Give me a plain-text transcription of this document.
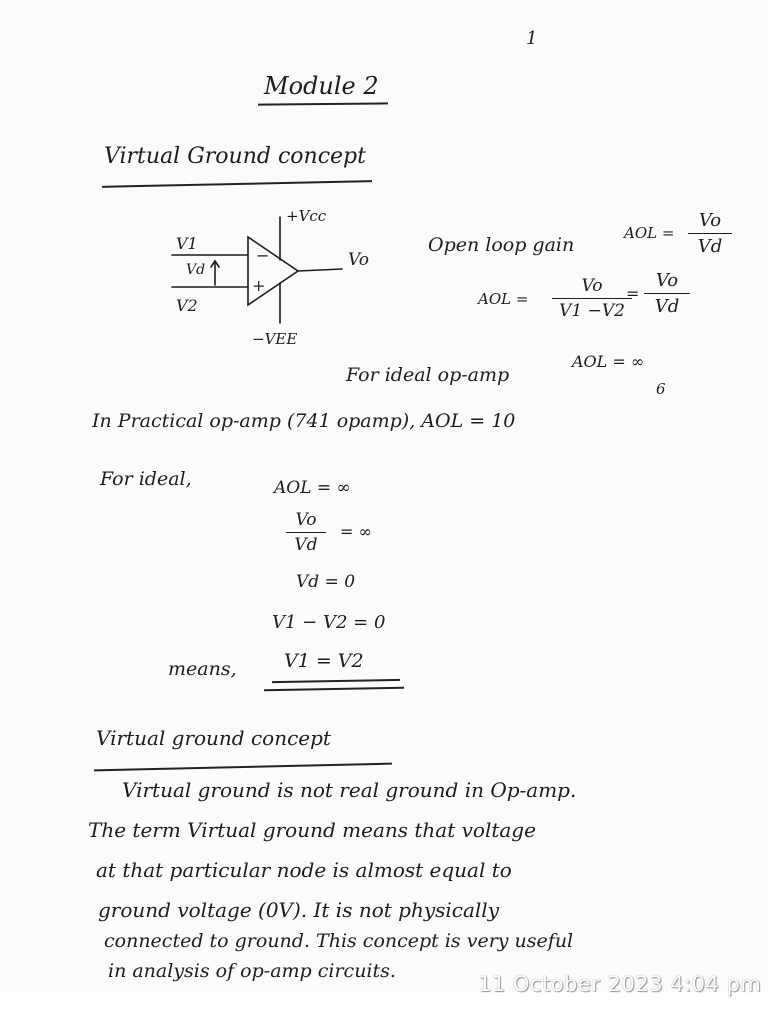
1
Module 2
Virtual Ground concept
V1
Vd
V2
−
+
+Vcc
−VEE
Vo
Open loop gain
AOL = $\frac{Vo}{Vd}$
AOL = $\frac{Vo}{V1 -V2}$
= $\frac{Vo}{Vd}$
For ideal op-amp
AOL = ∞
In Practical op-amp (741 opamp), AOL = 10
6
For ideal,	AOL = ∞
$\frac{Vo}{Vd}$ = ∞
Vd = 0
V1 − V2 = 0
means, V1 = V2
Virtual ground concept
Virtual ground is not real ground in Op-amp.
The term Virtual ground means that voltage
at that particular node is almost equal to
ground voltage (0V). It is not physically
connected to ground. This concept is very useful
in analysis of op-amp circuits.
11 October 2023 4:04 pm
